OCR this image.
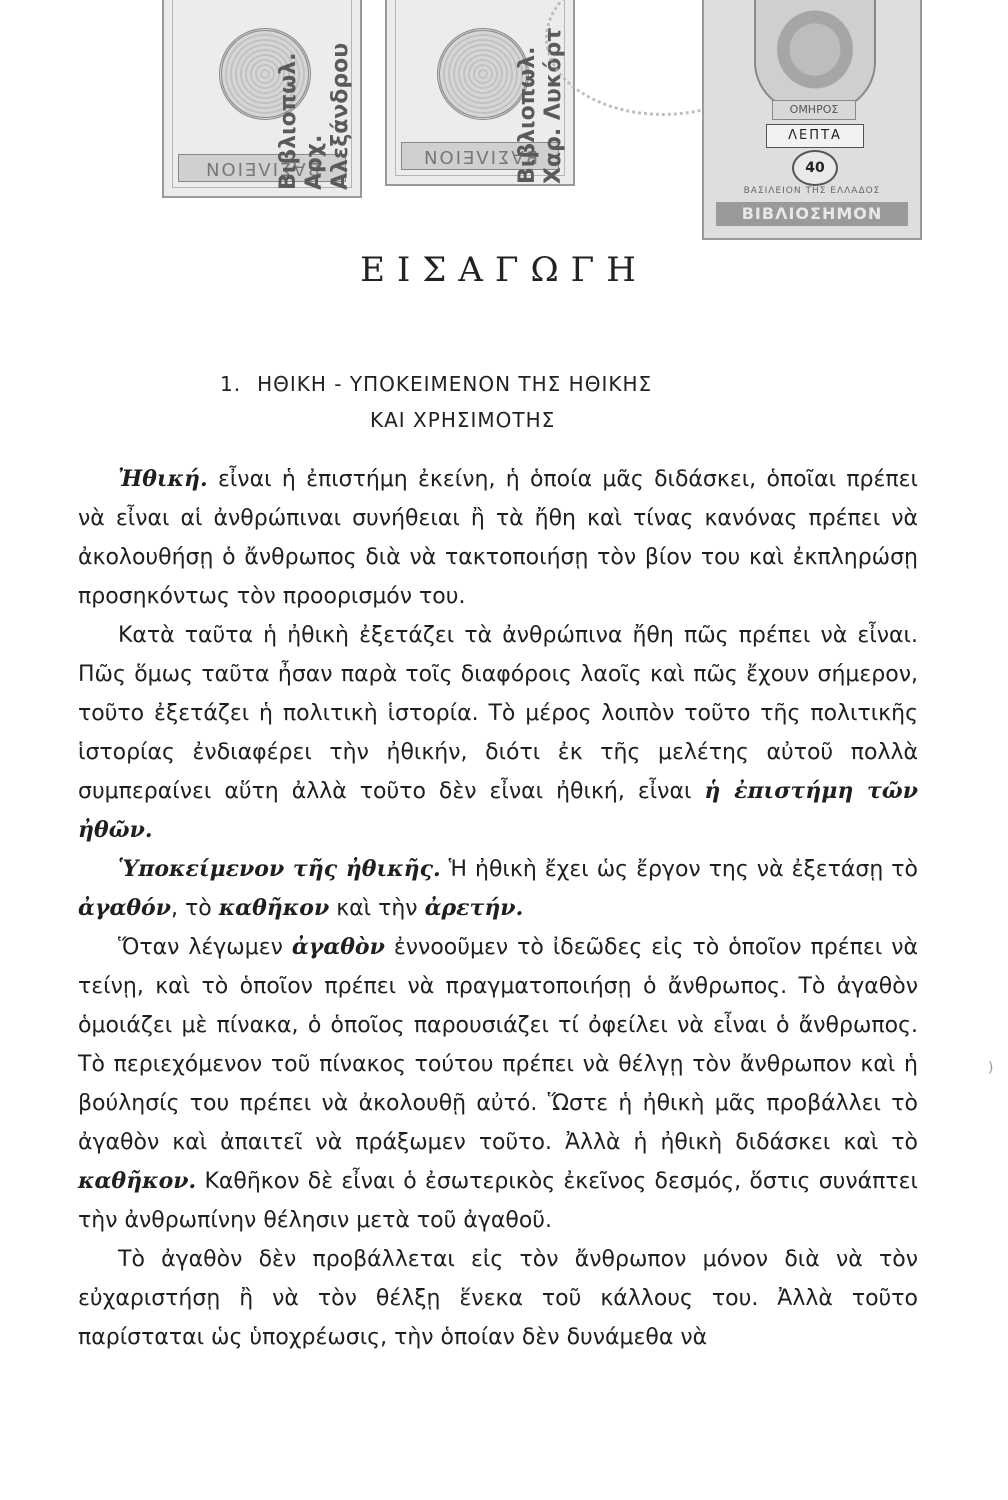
ΒΑΣΙΛΕΙΟΝ
Βιβλιοπωλ. Αρχ. Αλεξάνδρου	ΒΑΣΙΛΕΙΟΝ
Βιβλιοπωλ. Χαρ. Λυκόρτ	ΟΜΗΡΟΣ
ΛΕΠΤΑ
40
ΒΑΣΙΛΕΙΟΝ ΤΗΣ ΕΛΛΑΔΟΣ
ΒΙΒΛΙΟΣΗΜΟΝ
ΕΙΣΑΓΩΓΗ
1. ΗΘΙΚΗ - ΥΠΟΚΕΙΜΕΝΟΝ ΤΗΣ ΗΘΙΚΗΣ
ΚΑΙ ΧΡΗΣΙΜΟΤΗΣ

Ἠθική. εἶναι ἡ ἐπιστήμη ἐκείνη, ἡ ὁποία μᾶς διδάσκει, ὁποῖαι πρέπει νὰ εἶναι αἱ ἀνθρώπιναι συνήθειαι ἢ τὰ ἤθη καὶ τίνας κανόνας πρέπει νὰ ἀκολουθήσῃ ὁ ἄνθρωπος διὰ νὰ τακτοποιήσῃ τὸν βίον του καὶ ἐκπληρώσῃ προσηκόντως τὸν προορισμόν του.

Κατὰ ταῦτα ἡ ἠθικὴ ἐξετάζει τὰ ἀνθρώπινα ἤθη πῶς πρέπει νὰ εἶναι. Πῶς ὅμως ταῦτα ἦσαν παρὰ τοῖς διαφόροις λαοῖς καὶ πῶς ἔχουν σήμερον, τοῦτο ἐξετάζει ἡ πολιτικὴ ἱστορία. Τὸ μέρος λοιπὸν τοῦτο τῆς πολιτικῆς ἱστορίας ἐνδιαφέρει τὴν ἠθικήν, διότι ἐκ τῆς μελέτης αὐτοῦ πολλὰ συμπεραίνει αὕτη ἀλλὰ τοῦτο δὲν εἶναι ἠθική, εἶναι ἡ ἐπιστήμη τῶν ἠθῶν.

Ὑποκείμενον τῆς ἠθικῆς. Ἡ ἠθικὴ ἔχει ὡς ἔργον της νὰ ἐξετάσῃ τὸ ἀγαθόν, τὸ καθῆκον καὶ τὴν ἀρετήν.

Ὅταν λέγωμεν ἀγαθὸν ἐννοοῦμεν τὸ ἰδεῶδες εἰς τὸ ὁποῖον πρέπει νὰ τείνῃ, καὶ τὸ ὁποῖον πρέπει νὰ πραγματοποιήσῃ ὁ ἄνθρωπος. Τὸ ἀγαθὸν ὁμοιάζει μὲ πίνακα, ὁ ὁποῖος παρουσιάζει τί ὀφείλει νὰ εἶναι ὁ ἄνθρωπος. Τὸ περιεχόμενον τοῦ πίνακος τούτου πρέπει νὰ θέλγῃ τὸν ἄνθρωπον καὶ ἡ βούλησίς του πρέπει νὰ ἀκολουθῇ αὐτό. Ὥστε ἡ ἠθικὴ μᾶς προβάλλει τὸ ἀγαθὸν καὶ ἀπαιτεῖ νὰ πράξωμεν τοῦτο. Ἀλλὰ ἡ ἠθικὴ διδάσκει καὶ τὸ καθῆκον. Καθῆκον δὲ εἶναι ὁ ἐσωτερικὸς ἐκεῖνος δεσμός, ὅστις συνάπτει τὴν ἀνθρωπίνην θέλησιν μετὰ τοῦ ἀγαθοῦ.

Τὸ ἀγαθὸν δὲν προβάλλεται εἰς τὸν ἄνθρωπον μόνον διὰ νὰ τὸν εὐχαριστήσῃ ἢ νὰ τὸν θέλξῃ ἕνεκα τοῦ κάλλους του. Ἀλλὰ τοῦτο παρίσταται ὡς ὑποχρέωσις, τὴν ὁποίαν δὲν δυνάμεθα νὰ

)
